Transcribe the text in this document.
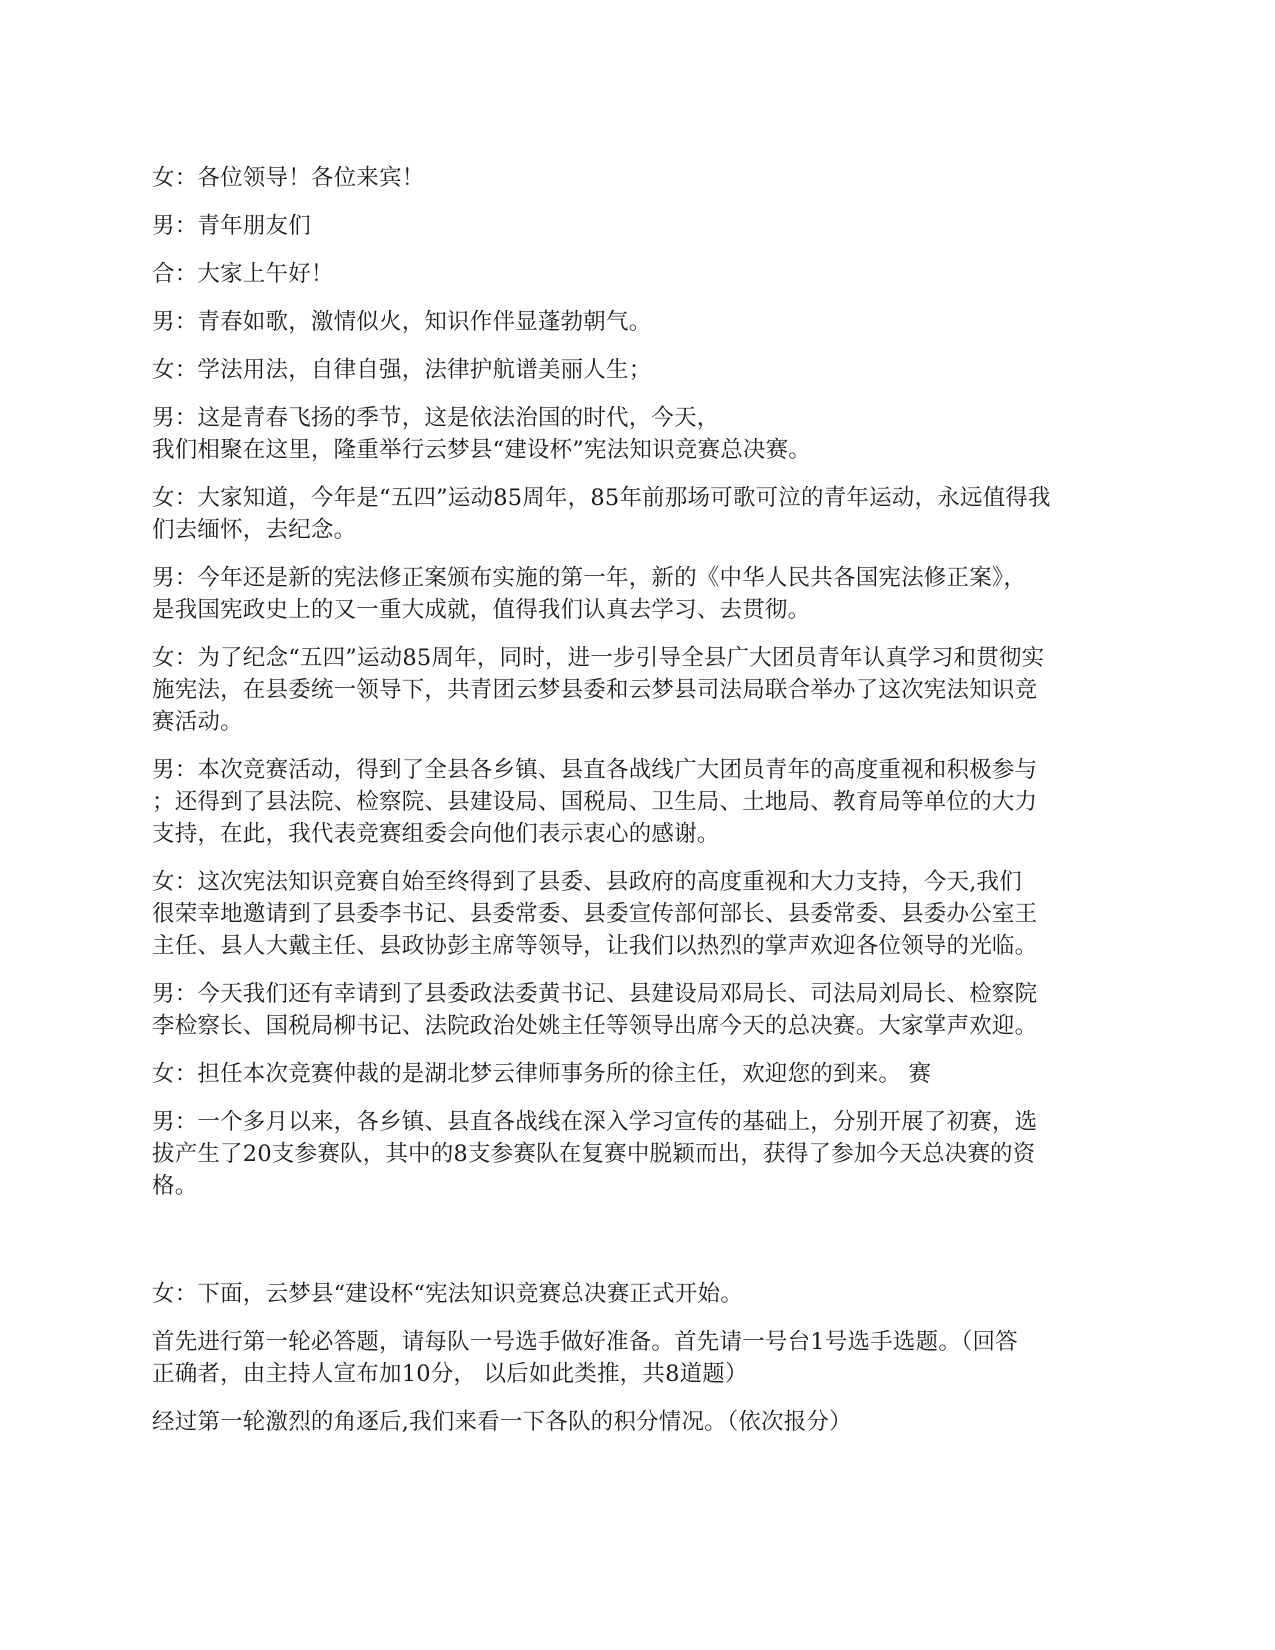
女：各位领导！各位来宾！

男：青年朋友们

合：大家上午好！

男：青春如歌，激情似火，知识作伴显蓬勃朝气。

女：学法用法，自律自强，法律护航谱美丽人生；

男：这是青春飞扬的季节，这是依法治国的时代，今天，
我们相聚在这里，隆重举行云梦县“建设杯”宪法知识竞赛总决赛。

女：大家知道，今年是“五四”运动85周年，85年前那场可歌可泣的青年运动，永远值得我
们去缅怀，去纪念。

男：今年还是新的宪法修正案颁布实施的第一年，新的《中华人民共各国宪法修正案》，
是我国宪政史上的又一重大成就，值得我们认真去学习、去贯彻。

女：为了纪念“五四”运动85周年，同时，进一步引导全县广大团员青年认真学习和贯彻实
施宪法，在县委统一领导下，共青团云梦县委和云梦县司法局联合举办了这次宪法知识竞
赛活动。

男：本次竞赛活动，得到了全县各乡镇、县直各战线广大团员青年的高度重视和积极参与
；还得到了县法院、检察院、县建设局、国税局、卫生局、土地局、教育局等单位的大力
支持，在此，我代表竞赛组委会向他们表示衷心的感谢。

女：这次宪法知识竞赛自始至终得到了县委、县政府的高度重视和大力支持，今天,我们
很荣幸地邀请到了县委李书记、县委常委、县委宣传部何部长、县委常委、县委办公室王
主任、县人大戴主任、县政协彭主席等领导，让我们以热烈的掌声欢迎各位领导的光临。

男：今天我们还有幸请到了县委政法委黄书记、县建设局邓局长、司法局刘局长、检察院
李检察长、国税局柳书记、法院政治处姚主任等领导出席今天的总决赛。大家掌声欢迎。

女：担任本次竞赛仲裁的是湖北梦云律师事务所的徐主任，欢迎您的到来。 赛

男：一个多月以来，各乡镇、县直各战线在深入学习宣传的基础上，分别开展了初赛，选
拔产生了20支参赛队，其中的8支参赛队在复赛中脱颖而出，获得了参加今天总决赛的资
格。

女：下面，云梦县“建设杯“宪法知识竞赛总决赛正式开始。

首先进行第一轮必答题，请每队一号选手做好准备。首先请一号台1号选手选题。（回答
正确者，由主持人宣布加10分， 以后如此类推，共8道题）

经过第一轮激烈的角逐后,我们来看一下各队的积分情况。（依次报分）
